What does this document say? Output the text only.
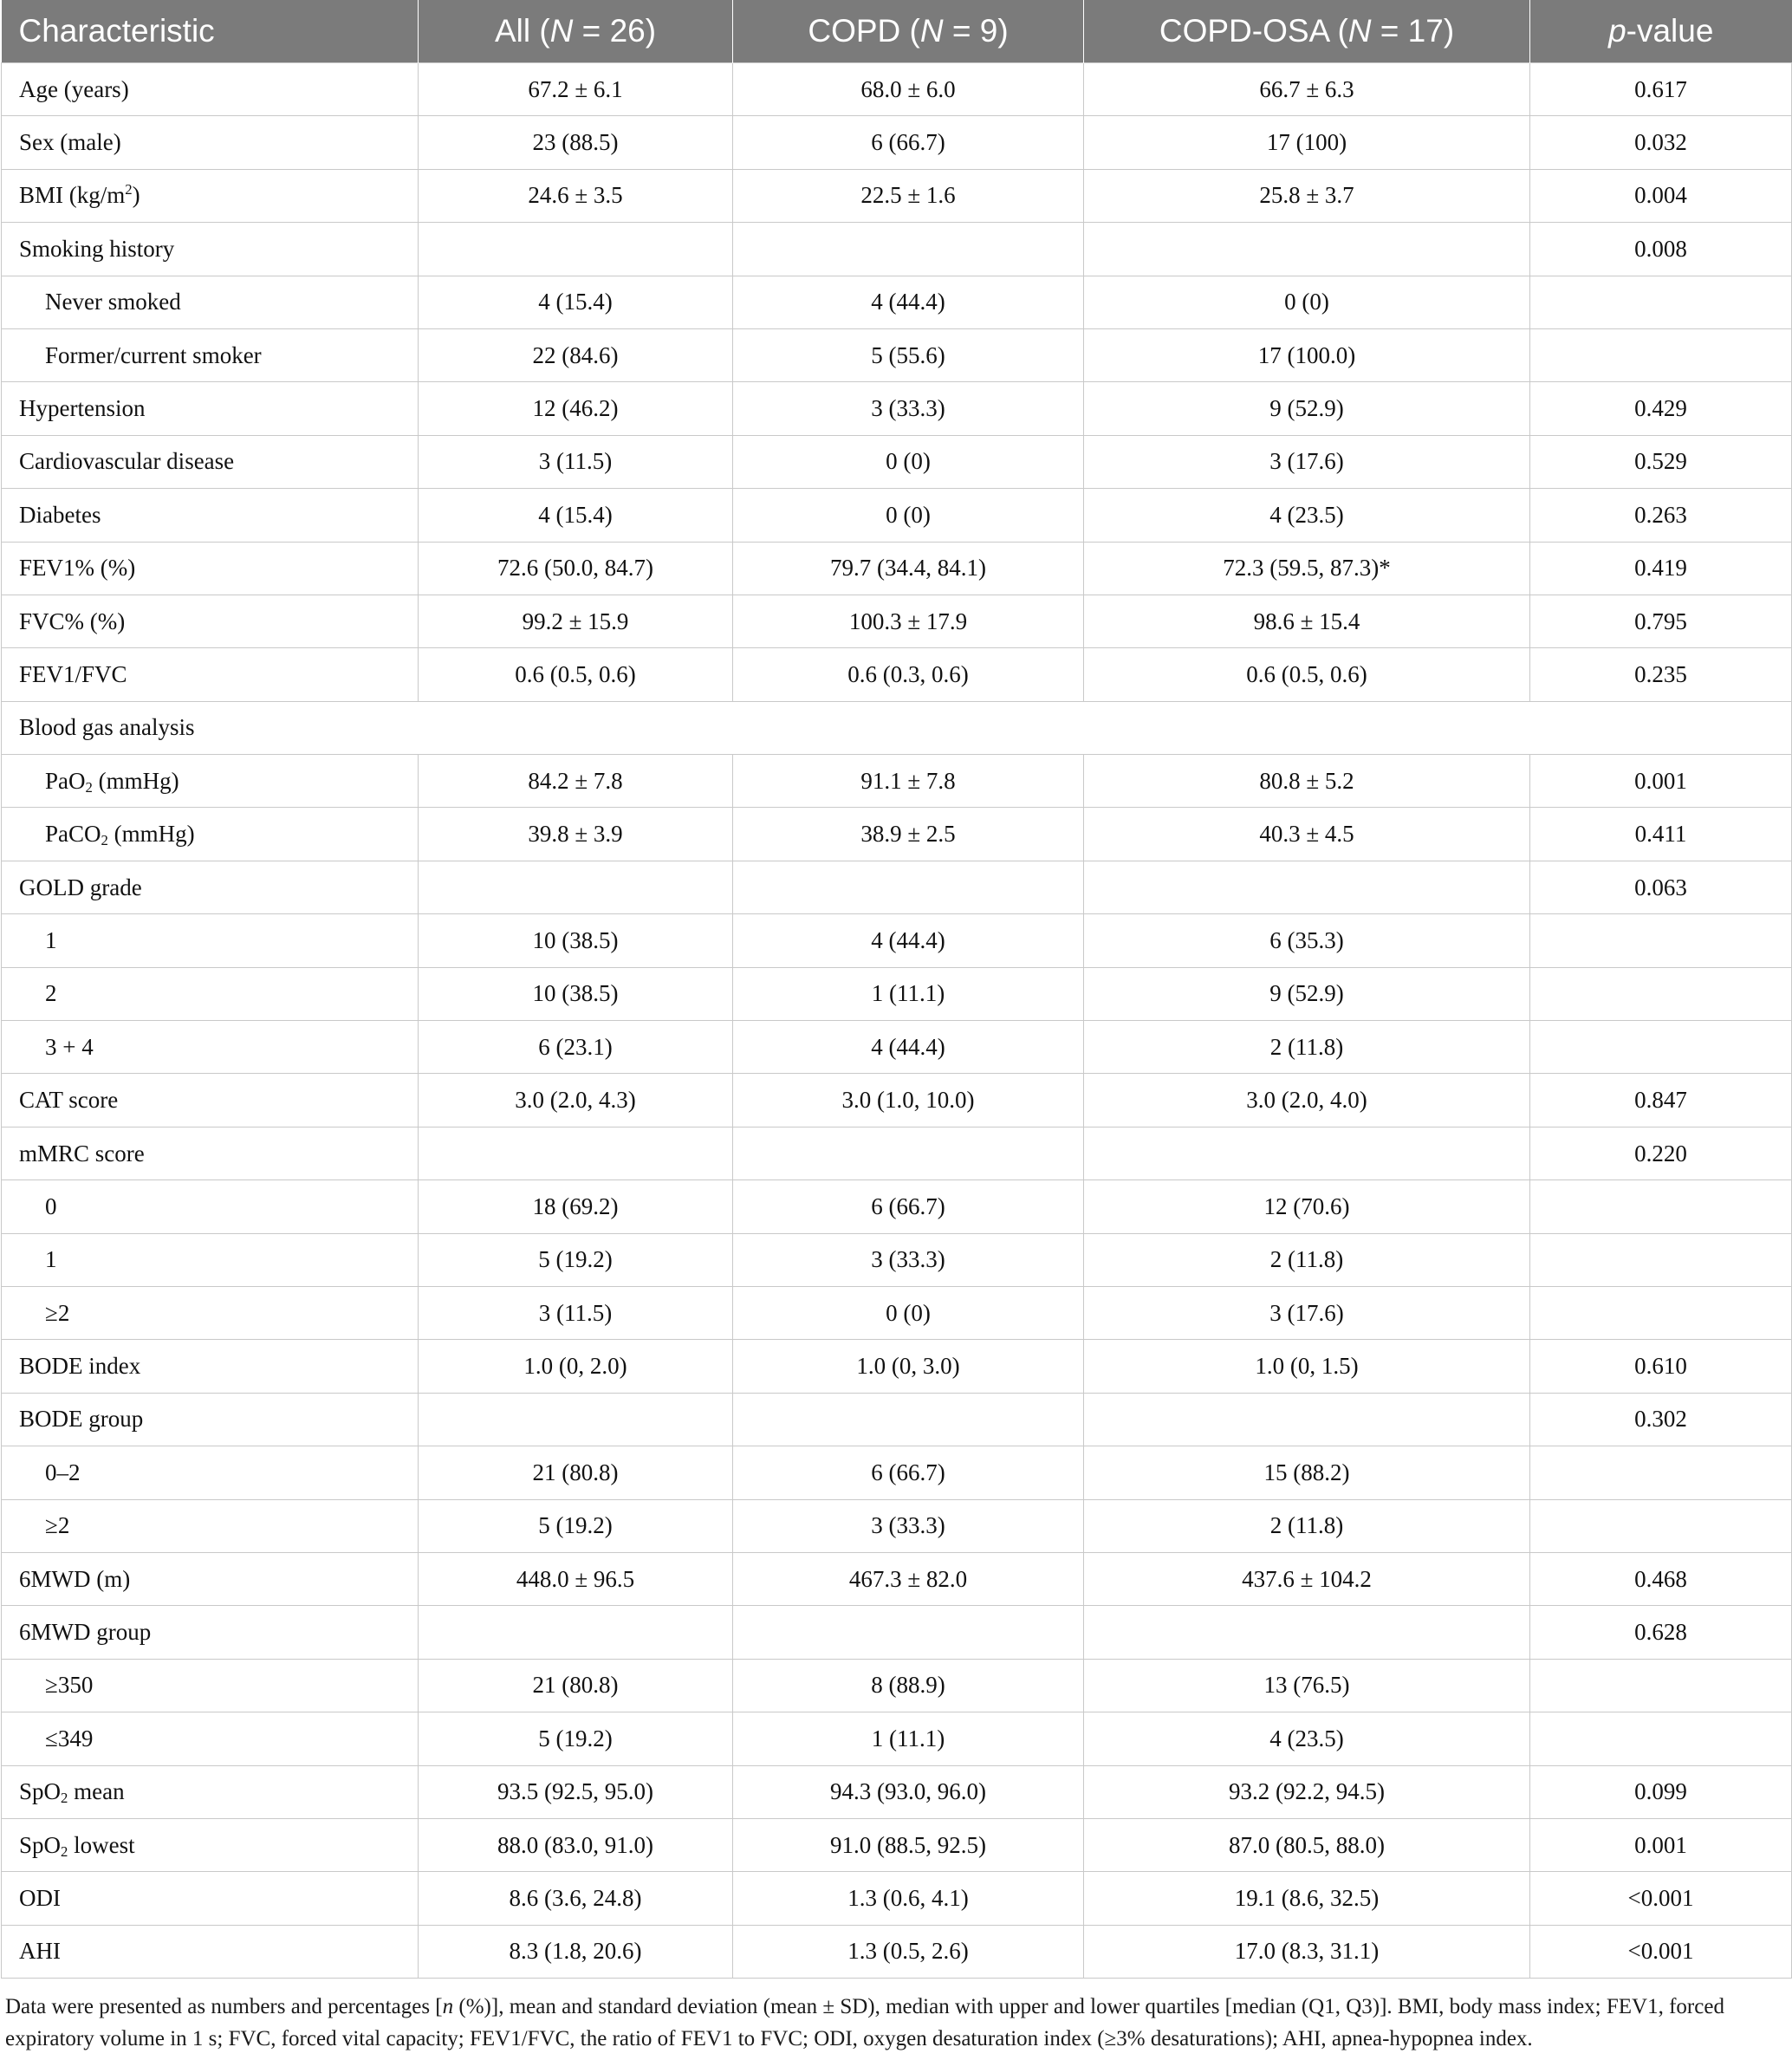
Characteristic	All (N = 26)	COPD (N = 9)	COPD-OSA (N = 17)	p-value
Age (years)	67.2 ± 6.1	68.0 ± 6.0	66.7 ± 6.3	0.617
Sex (male)	23 (88.5)	6 (66.7)	17 (100)	0.032
BMI $(kg/m^2)$	24.6 ± 3.5	22.5 ± 1.6	25.8 ± 3.7	0.004
Smoking history				0.008
Never smoked	4 (15.4)	4 (44.4)	0 (0)	
Former/current smoker	22 (84.6)	5 (55.6)	17 (100.0)	
Hypertension	12 (46.2)	3 (33.3)	9 (52.9)	0.429
Cardiovascular disease	3 (11.5)	0 (0)	3 (17.6)	0.529
Diabetes	4 (15.4)	0 (0)	4 (23.5)	0.263
FEV1% (%)	72.6 (50.0, 84.7)	79.7 (34.4, 84.1)	72.3 (59.5, 87.3)*	0.419
FVC% (%)	99.2 ± 15.9	100.3 ± 17.9	98.6 ± 15.4	0.795
FEV1/FVC	0.6 (0.5, 0.6)	0.6 (0.3, 0.6)	0.6 (0.5, 0.6)	0.235
Blood gas analysis				
PaO$_2$ (mmHg)	84.2 ± 7.8	91.1 ± 7.8	80.8 ± 5.2	0.001
PaCO$_2$ (mmHg)	39.8 ± 3.9	38.9 ± 2.5	40.3 ± 4.5	0.411
GOLD grade				0.063
1	10 (38.5)	4 (44.4)	6 (35.3)	
2	10 (38.5)	1 (11.1)	9 (52.9)	
3 + 4	6 (23.1)	4 (44.4)	2 (11.8)	
CAT score	3.0 (2.0, 4.3)	3.0 (1.0, 10.0)	3.0 (2.0, 4.0)	0.847
mMRC score				0.220
0	18 (69.2)	6 (66.7)	12 (70.6)	
1	5 (19.2)	3 (33.3)	2 (11.8)	
≥2	3 (11.5)	0 (0)	3 (17.6)	
BODE index	1.0 (0, 2.0)	1.0 (0, 3.0)	1.0 (0, 1.5)	0.610
BODE group				0.302
0–2	21 (80.8)	6 (66.7)	15 (88.2)	
≥2	5 (19.2)	3 (33.3)	2 (11.8)	
6MWD (m)	448.0 ± 96.5	467.3 ± 82.0	437.6 ± 104.2	0.468
6MWD group				0.628
≥350	21 (80.8)	8 (88.9)	13 (76.5)	
≤349	5 (19.2)	1 (11.1)	4 (23.5)	
SpO$_2$ mean	93.5 (92.5, 95.0)	94.3 (93.0, 96.0)	93.2 (92.2, 94.5)	0.099
SpO$_2$ lowest	88.0 (83.0, 91.0)	91.0 (88.5, 92.5)	87.0 (80.5, 88.0)	0.001
ODI	8.6 (3.6, 24.8)	1.3 (0.6, 4.1)	19.1 (8.6, 32.5)	<0.001
AHI	8.3 (1.8, 20.6)	1.3 (0.5, 2.6)	17.0 (8.3, 31.1)	<0.001

Data were presented as numbers and percentages [n (%)], mean and standard deviation (mean ± SD), median with upper and lower quartiles [median (Q1, Q3)]. BMI, body mass index; FEV1, forced expiratory volume in 1 s; FVC, forced vital capacity; FEV1/FVC, the ratio of FEV1 to FVC; ODI, oxygen desaturation index (≥3% desaturations); AHI, apnea-hypopnea index.
